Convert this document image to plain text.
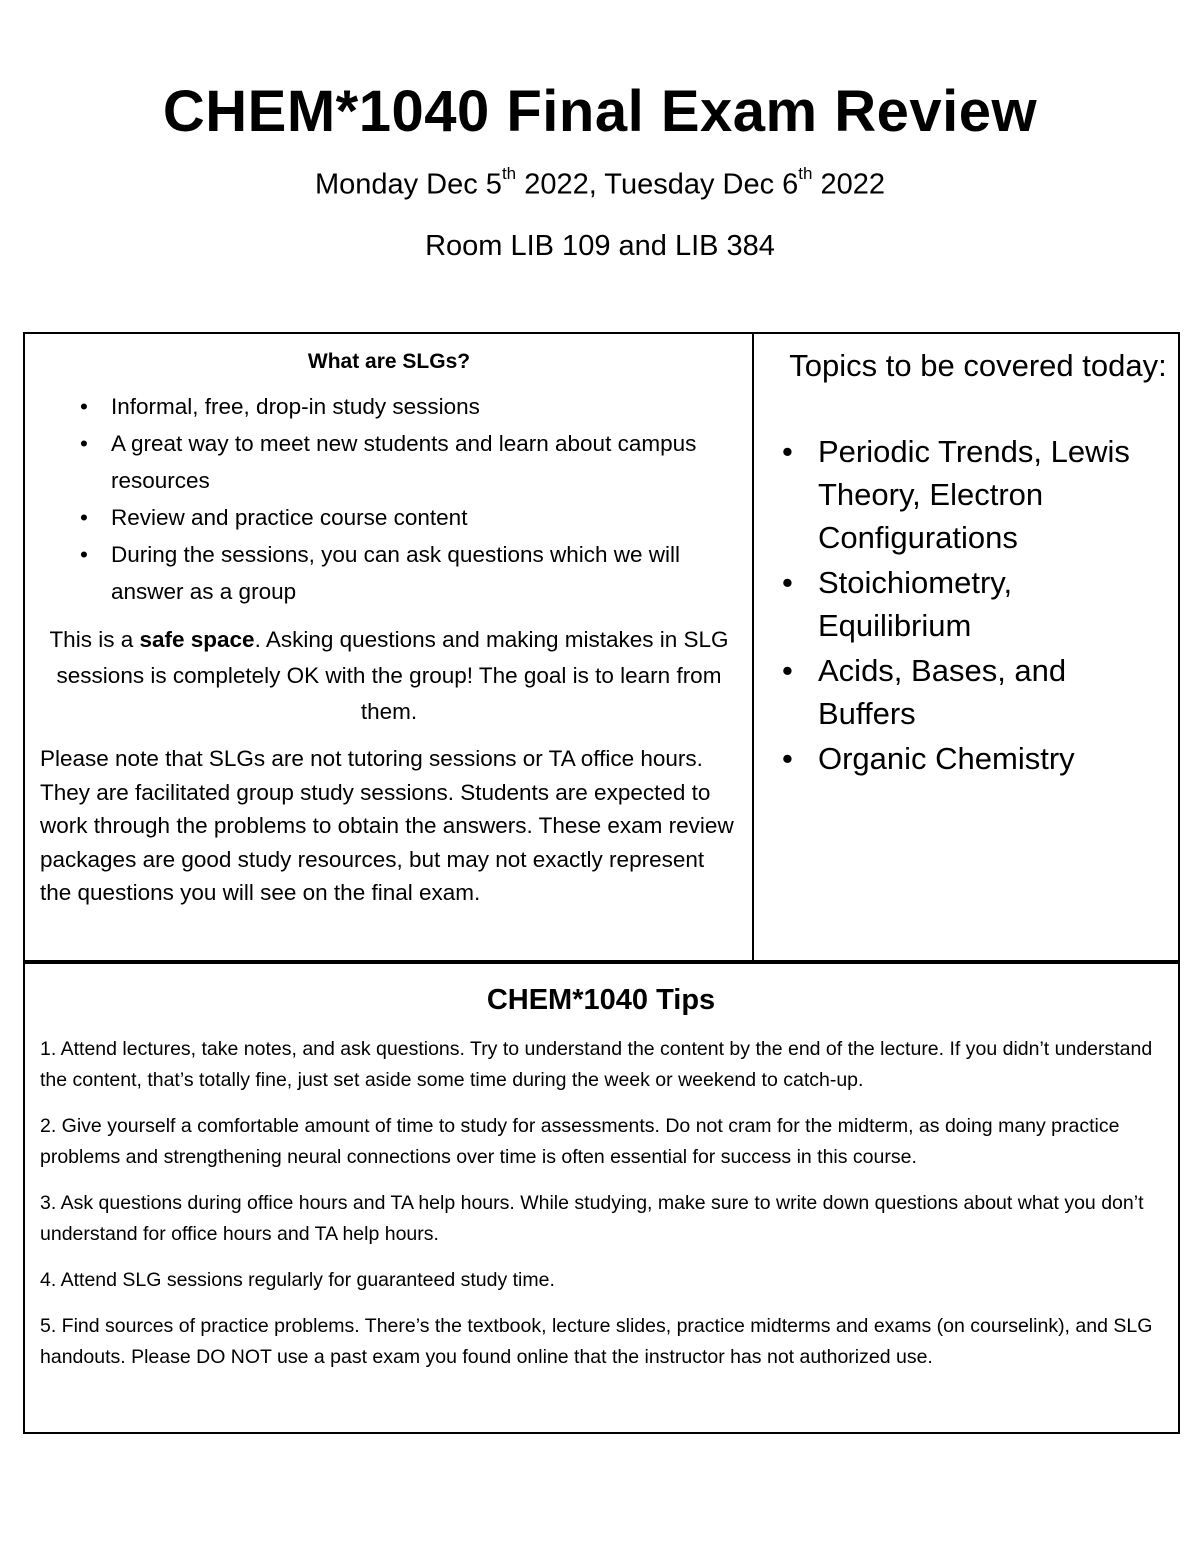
CHEM*1040 Final Exam Review
Monday Dec 5th 2022, Tuesday Dec 6th 2022
Room LIB 109 and LIB 384
What are SLGs?
• Informal, free, drop-in study sessions
• A great way to meet new students and learn about campus resources
• Review and practice course content
• During the sessions, you can ask questions which we will answer as a group

This is a safe space. Asking questions and making mistakes in SLG sessions is completely OK with the group! The goal is to learn from them.

Please note that SLGs are not tutoring sessions or TA office hours. They are facilitated group study sessions. Students are expected to work through the problems to obtain the answers. These exam review packages are good study resources, but may not exactly represent the questions you will see on the final exam.

Topics to be covered today:
• Periodic Trends, Lewis Theory, Electron Configurations
• Stoichiometry, Equilibrium
• Acids, Bases, and Buffers
• Organic Chemistry
CHEM*1040 Tips

1. Attend lectures, take notes, and ask questions. Try to understand the content by the end of the lecture. If you didn’t understand the content, that’s totally fine, just set aside some time during the week or weekend to catch-up.

2. Give yourself a comfortable amount of time to study for assessments. Do not cram for the midterm, as doing many practice problems and strengthening neural connections over time is often essential for success in this course.

3. Ask questions during office hours and TA help hours. While studying, make sure to write down questions about what you don’t understand for office hours and TA help hours.

4. Attend SLG sessions regularly for guaranteed study time.

5. Find sources of practice problems. There’s the textbook, lecture slides, practice midterms and exams (on courselink), and SLG handouts. Please DO NOT use a past exam you found online that the instructor has not authorized use.
